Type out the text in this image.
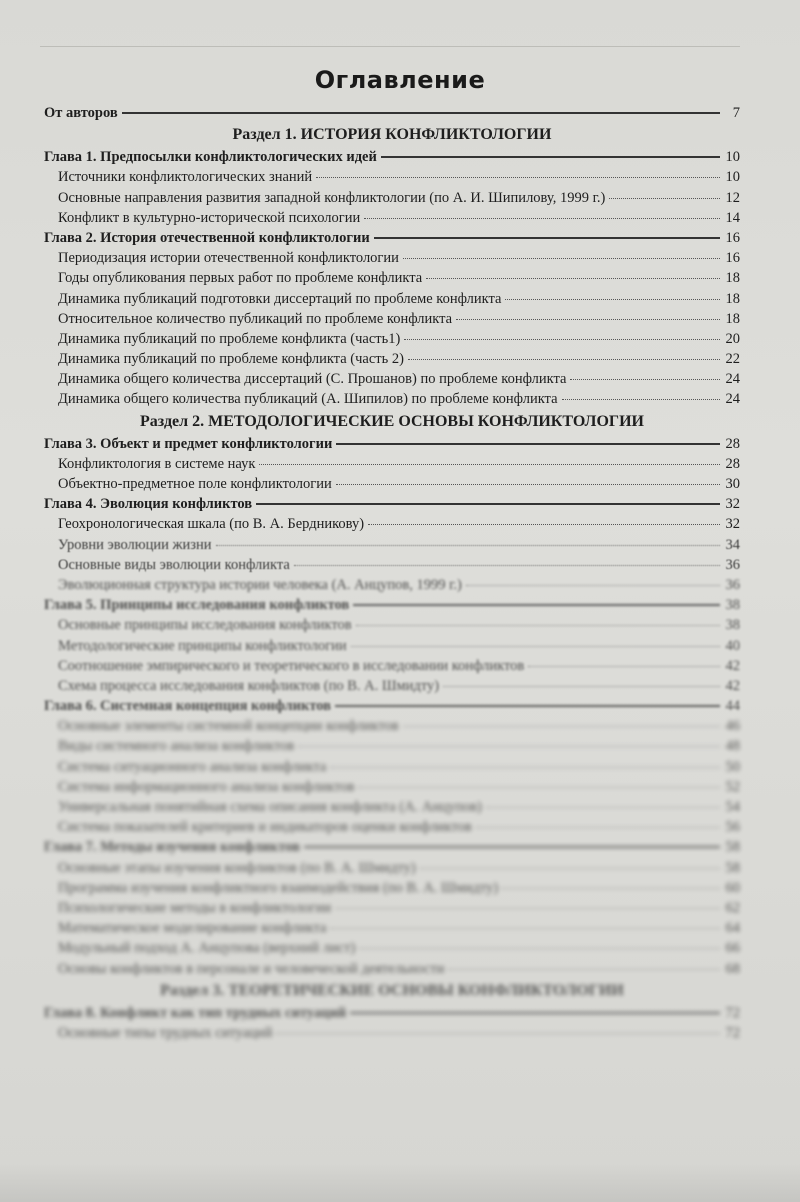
Оглавление
От авторов	7
Раздел 1. ИСТОРИЯ КОНФЛИКТОЛОГИИ
Глава 1. Предпосылки конфликтологических идей	10
Источники конфликтологических знаний	10
Основные направления развития западной конфликтологии (по А. И. Шипилову, 1999 г.)	12
Конфликт в культурно-исторической психологии	14
Глава 2. История отечественной конфликтологии	16
Периодизация истории отечественной конфликтологии	16
Годы опубликования первых работ по проблеме конфликта	18
Динамика публикаций подготовки диссертаций по проблеме конфликта	18
Относительное количество публикаций по проблеме конфликта	18
Динамика публикаций по проблеме конфликта (часть1)	20
Динамика публикаций по проблеме конфликта (часть 2)	22
Динамика общего количества диссертаций (С. Прошанов) по проблеме конфликта	24
Динамика общего количества публикаций (А. Шипилов) по проблеме конфликта	24
Раздел 2. МЕТОДОЛОГИЧЕСКИЕ ОСНОВЫ КОНФЛИКТОЛОГИИ
Глава 3. Объект и предмет конфликтологии	28
Конфликтология в системе наук	28
Объектно-предметное поле конфликтологии	30
Глава 4. Эволюция конфликтов	32
Геохронологическая шкала (по В. А. Бердникову)	32
Уровни эволюции жизни	34
Основные виды эволюции конфликта	36
Эволюционная структура истории человека (А. Анцупов, 1999 г.)	36
Глава 5. Принципы исследования конфликтов	38
Основные принципы исследования конфликтов	38
Методологические принципы конфликтологии	40
Соотношение эмпирического и теоретического в исследовании конфликтов	42
Схема процесса исследования конфликтов (по В. А. Шмидту)	42
Глава 6. Системная концепция конфликтов	44
Основные элементы системной концепции конфликтов	46
Виды системного анализа конфликтов	48
Система ситуационного анализа конфликта	50
Система информационного анализа конфликтов	52
Универсальная понятийная схема описания конфликта (А. Анцупов)	54
Система показателей критериев и индикаторов оценки конфликтов	56
Глава 7. Методы изучения конфликтов	58
Основные этапы изучения конфликтов (по В. А. Шмидту)	58
Программа изучения конфликтного взаимодействия (по В. А. Шмидту)	60
Психологические методы в конфликтологии	62
Математическое моделирование конфликта	64
Модульный подход А. Анцупова (верхний лист)	66
Основы конфликтов в персонале и человеческой деятельности	68
Раздел 3. ТЕОРЕТИЧЕСКИЕ ОСНОВЫ КОНФЛИКТОЛОГИИ
Глава 8. Конфликт как тип трудных ситуаций	72
Основные типы трудных ситуаций	72
